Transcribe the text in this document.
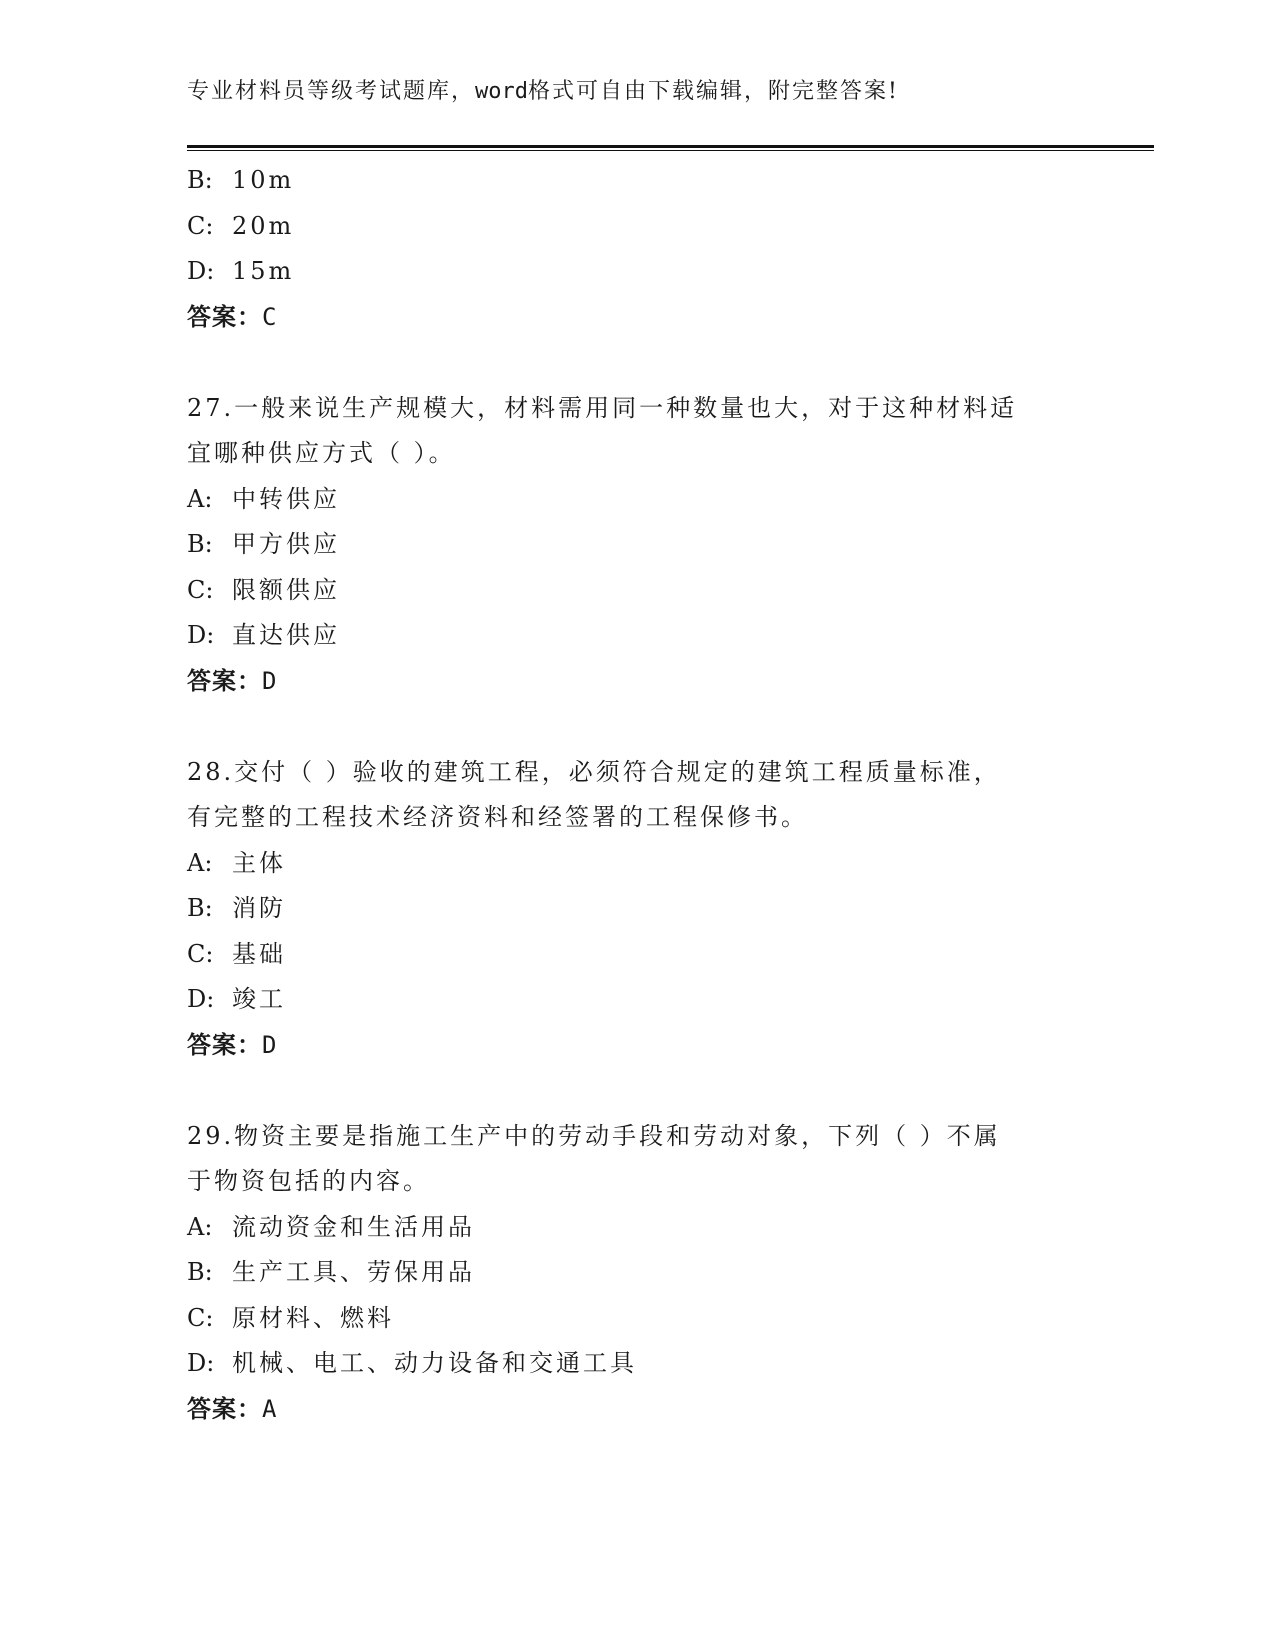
专业材料员等级考试题库，word格式可自由下载编辑，附完整答案!
B: 10m
C: 20m
D: 15m
答案：C
27.一般来说生产规模大，材料需用同一种数量也大，对于这种材料适
宜哪种供应方式（ ）。
A: 中转供应
B: 甲方供应
C: 限额供应
D: 直达供应
答案：D
28.交付（ ）验收的建筑工程，必须符合规定的建筑工程质量标准，
有完整的工程技术经济资料和经签署的工程保修书。
A: 主体
B: 消防
C: 基础
D: 竣工
答案：D
29.物资主要是指施工生产中的劳动手段和劳动对象，下列（ ）不属
于物资包括的内容。
A: 流动资金和生活用品
B: 生产工具、劳保用品
C: 原材料、燃料
D: 机械、电工、动力设备和交通工具
答案：A
